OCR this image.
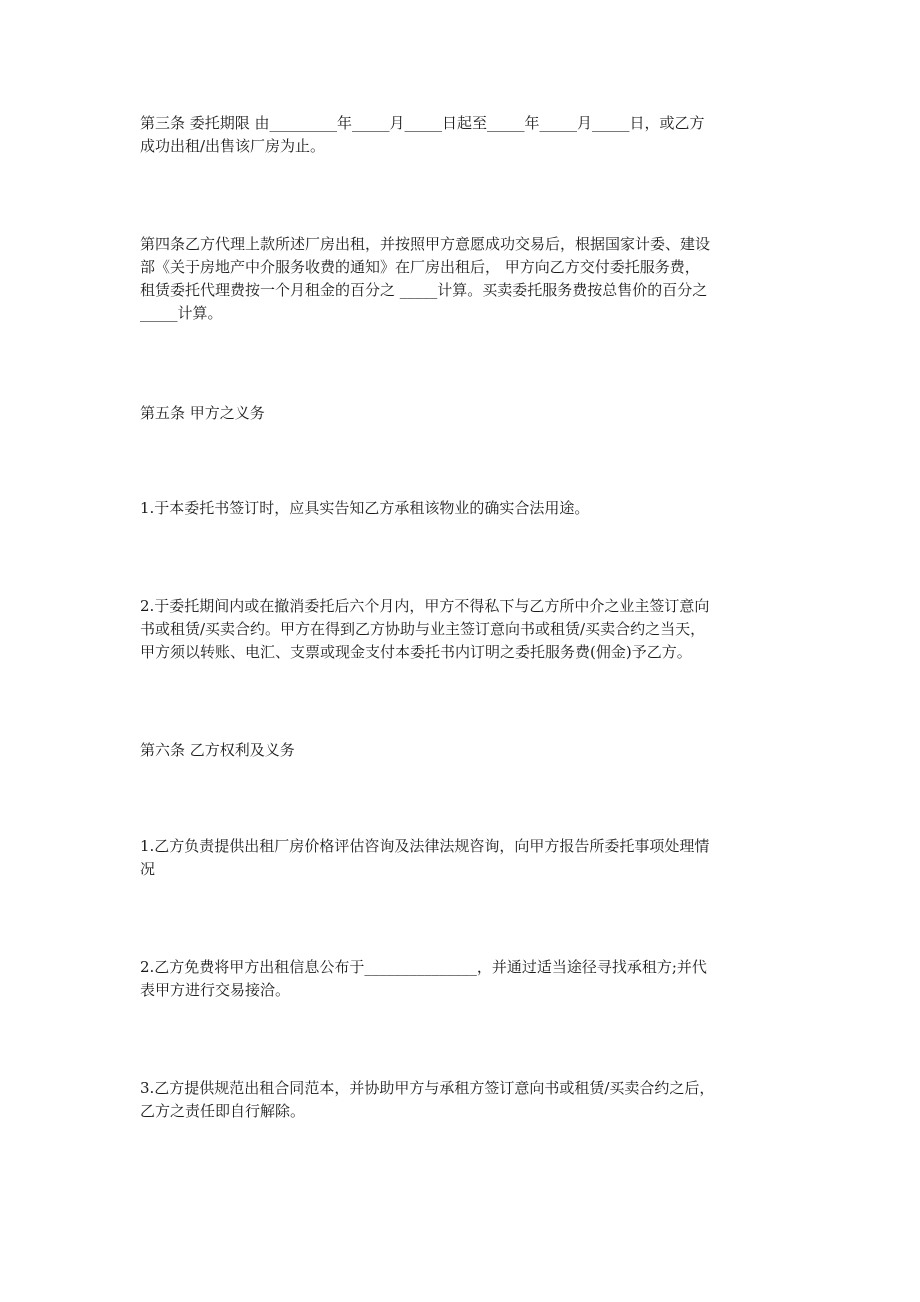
第三条 委托期限 由_________年_____月_____日起至_____年_____月_____日，或乙方
成功出租/出售该厂房为止。

第四条乙方代理上款所述厂房出租，并按照甲方意愿成功交易后，根据国家计委、建设
部《关于房地产中介服务收费的通知》在厂房出租后， 甲方向乙方交付委托服务费，
租赁委托代理费按一个月租金的百分之 _____计算。买卖委托服务费按总售价的百分之
_____计算。

第五条 甲方之义务

1.于本委托书签订时，应具实告知乙方承租该物业的确实合法用途。

2.于委托期间内或在撤消委托后六个月内，甲方不得私下与乙方所中介之业主签订意向
书或租赁/买卖合约。甲方在得到乙方协助与业主签订意向书或租赁/买卖合约之当天，
甲方须以转账、电汇、支票或现金支付本委托书内订明之委托服务费(佣金)予乙方。

第六条 乙方权利及义务

1.乙方负责提供出租厂房价格评估咨询及法律法规咨询，向甲方报告所委托事项处理情
况

2.乙方免费将甲方出租信息公布于_______________，并通过适当途径寻找承租方;并代
表甲方进行交易接洽。

3.乙方提供规范出租合同范本，并协助甲方与承租方签订意向书或租赁/买卖合约之后，
乙方之责任即自行解除。
